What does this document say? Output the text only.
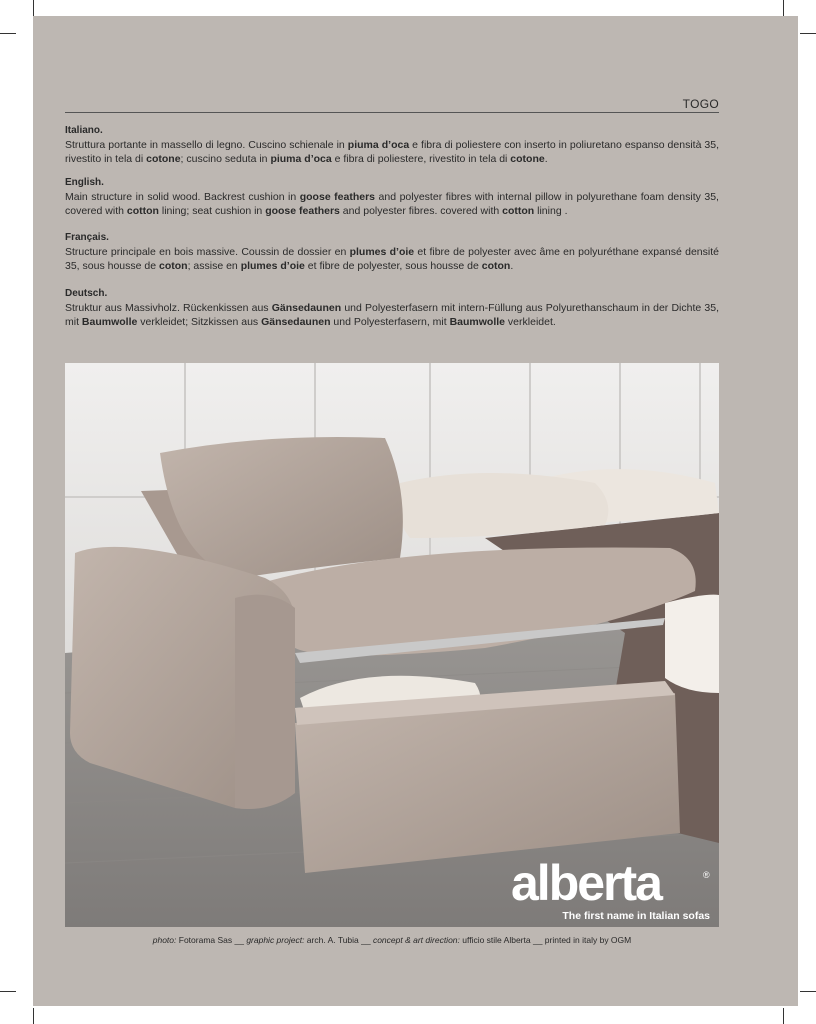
TOGO
Italiano.

Struttura portante in massello di legno. Cuscino schienale in piuma d’oca e fibra di poliestere con inserto in poliuretano espanso densità 35, rivestito in tela di cotone; cuscino seduta in piuma d’oca e fibra di poliestere, rivestito in tela di cotone.

English.

Main structure in solid wood. Backrest cushion in goose feathers and polyester fibres with internal pillow in polyurethane foam density 35, covered with cotton lining; seat cushion in goose feathers and polyester fibres. covered with cotton lining .

Français.

Structure principale en bois massive. Coussin de dossier en plumes d’oie et fibre de polyester avec âme en polyuréthane expansé densité 35, sous housse de coton; assise en plumes d’oie et fibre de polyester, sous housse de coton.

Deutsch.

Struktur aus Massivholz. Rückenkissen aus Gänsedaunen und Polyesterfasern mit intern-Füllung aus Polyurethanschaum in der Dichte 35, mit Baumwolle verkleidet; Sitzkissen aus Gänsedaunen und Polyesterfasern, mit Baumwolle verkleidet.

alberta	®
The first name in Italian sofas
photo: Fotorama Sas __ graphic project: arch. A. Tubia __ concept & art direction: ufficio stile Alberta __ printed in italy by OGM
